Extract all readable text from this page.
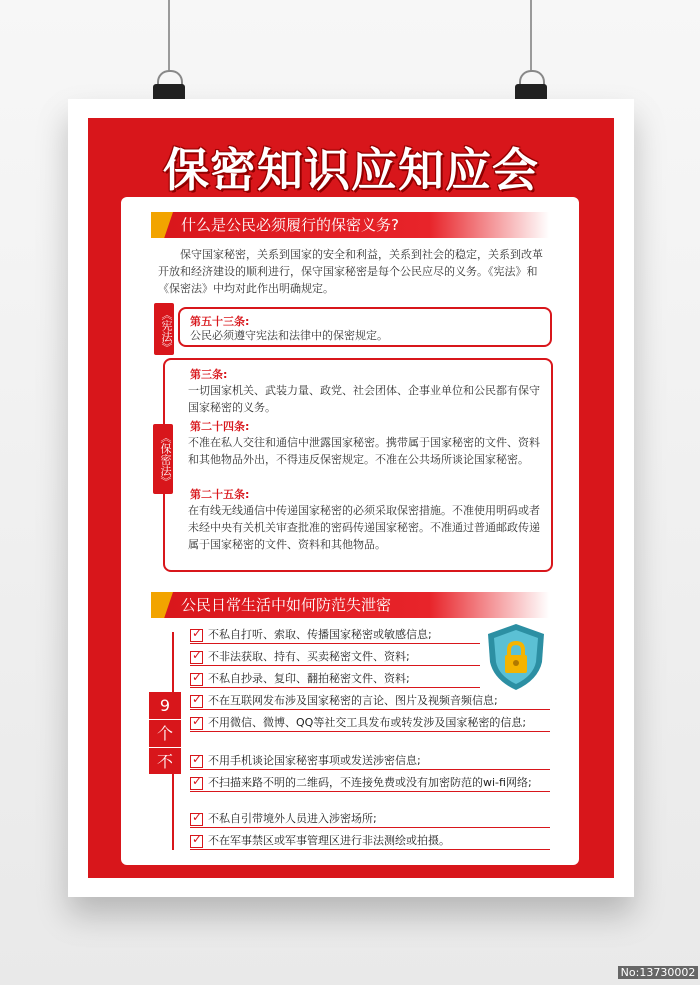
保密知识应知应会
什么是公民必须履行的保密义务?
保守国家秘密，关系到国家的安全和利益，关系到社会的稳定，关系到改革开放和经济建设的顺利进行，保守国家秘密是每个公民应尽的义务。《宪法》和《保密法》中均对此作出明确规定。
《宪法》 第五十三条:
公民必须遵守宪法和法律中的保密规定。
《保密法》
第三条:
一切国家机关、武装力量、政党、社会团体、企事业单位和公民都有保守国家秘密的义务。
第二十四条:
不准在私人交往和通信中泄露国家秘密。携带属于国家秘密的文件、资料和其他物品外出，不得违反保密规定。不准在公共场所谈论国家秘密。
第二十五条:
在有线无线通信中传递国家秘密的必须采取保密措施。不准使用明码或者未经中央有关机关审查批准的密码传递国家秘密。不准通过普通邮政传递属于国家秘密的文件、资料和其他物品。
公民日常生活中如何防范失泄密
9
个
不
✓
不私自打听、索取、传播国家秘密或敏感信息;
✓
不非法获取、持有、买卖秘密文件、资料;
✓
不私自抄录、复印、翻拍秘密文件、资料;
✓
不在互联网发布涉及国家秘密的言论、图片及视频音频信息;
✓
不用微信、微博、QQ等社交工具发布或转发涉及国家秘密的信息;
✓
不用手机谈论国家秘密事项或发送涉密信息;
✓
不扫描来路不明的二维码，不连接免费或没有加密防范的wi-fi网络;
✓
不私自引带境外人员进入涉密场所;
✓
不在军事禁区或军事管理区进行非法测绘或拍摄。
No:13730002
